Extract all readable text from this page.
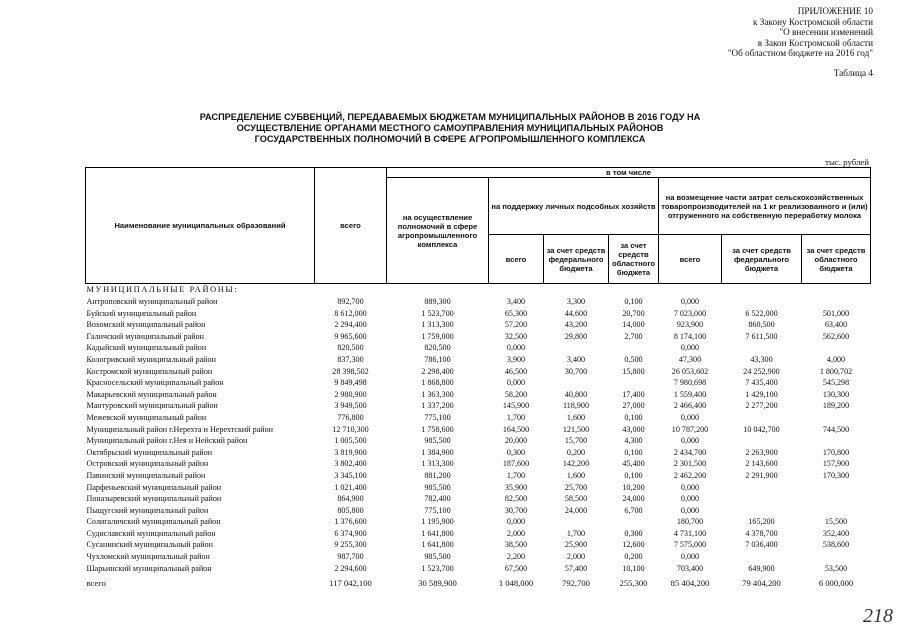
ПРИЛОЖЕНИЕ 10
к Закону Костромской области
"О внесении изменений
в Закон Костромской области
"Об областном бюджете на 2016 год"
Таблица 4
РАСПРЕДЕЛЕНИЕ СУБВЕНЦИЙ, ПЕРЕДАВАЕМЫХ БЮДЖЕТАМ МУНИЦИПАЛЬНЫХ РАЙОНОВ В 2016 ГОДУ НА
ОСУЩЕСТВЛЕНИЕ ОРГАНАМИ МЕСТНОГО САМОУПРАВЛЕНИЯ МУНИЦИПАЛЬНЫХ РАЙОНОВ
ГОСУДАРСТВЕННЫХ ПОЛНОМОЧИЙ В СФЕРЕ АГРОПРОМЫШЛЕННОГО КОМПЛЕКСА
тыс. рублей
Наименование муниципальных образований	всего	в том числе						
		на осуществление полномочий в сфере агропромышленного комплекса	на поддержку личных подсобных хозяйств			на возмещение части затрат сельскохозяйственных товаропроизводителей на 1 кг реализованного и (или) отгруженного на собственную переработку молока		
			всего	за счет средств федерального бюджета	за счет средств областного бюджета	всего	за счет средств федерального бюджета	за счет средств областного бюджета
МУНИЦИПАЛЬНЫЕ РАЙОНЫ:								
Антроповский муниципальный район	892,700	889,300	3,400	3,300	0,100	0,000		
Буйский муниципальный район	8 612,000	1 523,700	65,300	44,600	20,700	7 023,000	6 522,000	501,000
Вохомский муниципальный район	2 294,400	1 313,300	57,200	43,200	14,000	923,900	860,500	63,400
Галичский муниципальный район	9 965,600	1 759,000	32,500	29,800	2,700	8 174,100	7 611,500	562,600
Кадыйский муниципальный район	820,500	820,500	0,000			0,000		
Кологривский муниципальный район	837,300	786,100	3,900	3,400	0,500	47,300	43,300	4,000
Костромской муниципальный район	28 398,502	2 298,400	46,500	30,700	15,800	26 053,602	24 252,900	1 800,702
Красносельский муниципальный район	9 849,498	1 868,800	0,000			7 980,698	7 435,400	545,298
Макарьевский муниципальный район	2 980,900	1 363,300	58,200	40,800	17,400	1 559,400	1 429,100	130,300
Мантуровский муниципальный район	3 949,500	1 337,200	145,900	118,900	27,000	2 466,400	2 277,200	189,200
Межевской муниципальный район	776,800	775,100	1,700	1,600	0,100	0,000		
Муниципальный район г.Нерехта и Нерехтский район	12 710,300	1 758,600	164,500	121,500	43,000	10 787,200	10 042,700	744,500
Муниципальный район г.Нея и Нейский район	1 005,500	985,500	20,000	15,700	4,300	0,000		
Октябрьский муниципальный район	3 819,900	1 384,900	0,300	0,200	0,100	2 434,700	2 263,900	170,800
Островский муниципальный район	3 802,400	1 313,300	187,600	142,200	45,400	2 301,500	2 143,600	157,900
Павинский муниципальный район	3 345,100	881,200	1,700	1,600	0,100	2 462,200	2 291,900	170,300
Парфеньевский муниципальный район	1 021,400	985,500	35,900	25,700	10,200	0,000		
Поназыревский муниципальный район	864,900	782,400	82,500	58,500	24,000	0,000		
Пыщугский муниципальный район	805,800	775,100	30,700	24,000	6,700	0,000		
Солигаличский муниципальный район	1 376,600	1 195,900	0,000			180,700	165,200	15,500
Судиславский муниципальный район	6 374,900	1 641,800	2,000	1,700	0,300	4 731,100	4 378,700	352,400
Сусанинский муниципальный район	9 255,300	1 641,800	38,500	25,900	12,600	7 575,000	7 036,400	538,600
Чухломский муниципальный район	987,700	985,500	2,200	2,000	0,200	0,000		
Шарьинский муниципальный район	2 294,600	1 523,700	67,500	57,400	10,100	703,400	649,900	53,500
всего	117 042,100	30 589,900	1 048,000	792,700	255,300	85 404,200	79 404,200	6 000,000
218
